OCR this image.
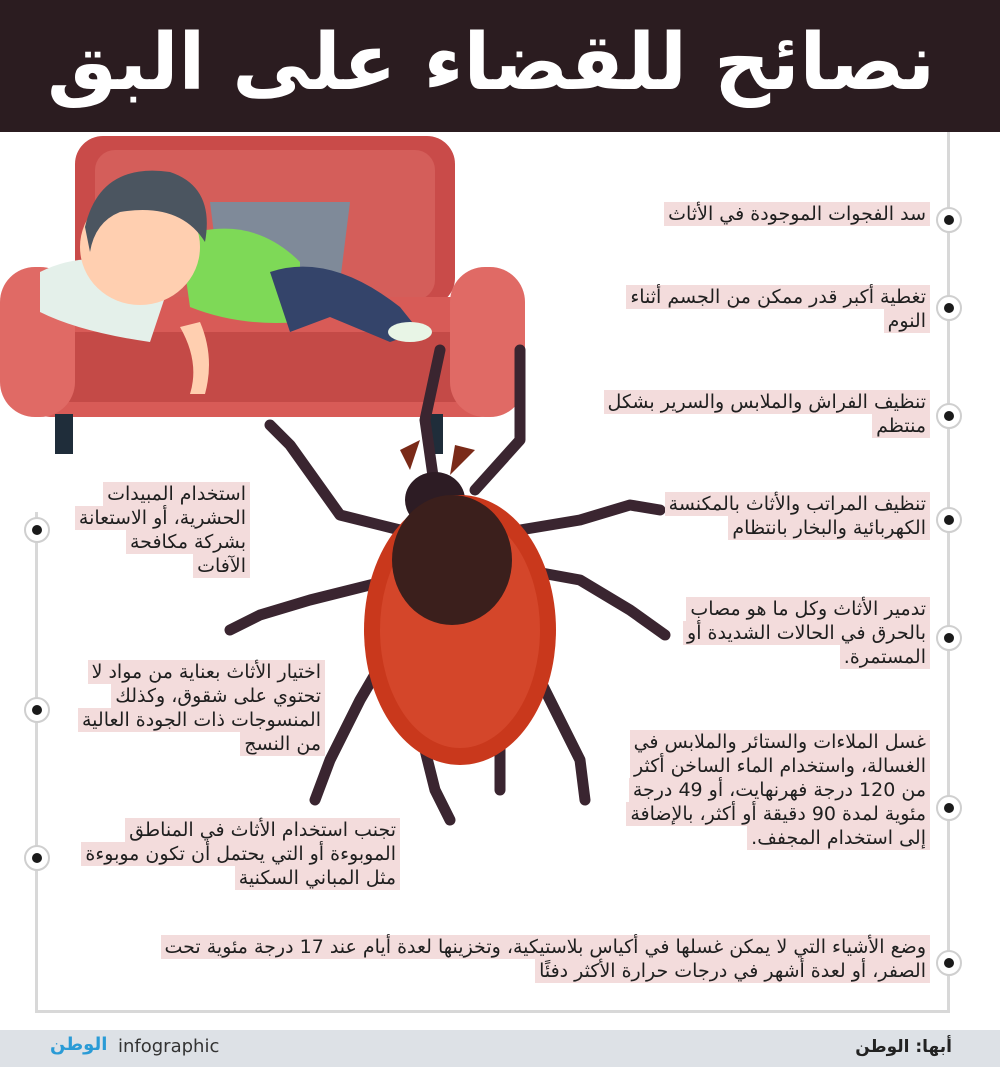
نصائح للقضاء على البق
سد الفجوات الموجودة في الأثاث
تغطية أكبر قدر ممكن من الجسم أثناء النوم
تنظيف الفراش والملابس والسرير بشكل منتظم
تنظيف المراتب والأثاث بالمكنسة الكهربائية والبخار بانتظام
تدمير الأثاث وكل ما هو مصاب بالحرق في الحالات الشديدة أو المستمرة.
غسل الملاءات والستائر والملابس في الغسالة، واستخدام الماء الساخن أكثر من 120 درجة فهرنهايت، أو 49 درجة مئوية لمدة 90 دقيقة أو أكثر، بالإضافة إلى استخدام المجفف.
استخدام المبيدات الحشرية، أو الاستعانة بشركة مكافحة الآفات
اختيار الأثاث بعناية من مواد لا تحتوي على شقوق، وكذلك المنسوجات ذات الجودة العالية من النسج
تجنب استخدام الأثاث في المناطق الموبوءة أو التي يحتمل أن تكون موبوءة مثل المباني السكنية
وضع الأشياء التي لا يمكن غسلها في أكياس بلاستيكية، وتخزينها لعدة أيام عند 17 درجة مئوية تحت الصفر، أو لعدة أشهر في درجات حرارة الأكثر دفئًا
الوطن infographic	أبها: الوطن
